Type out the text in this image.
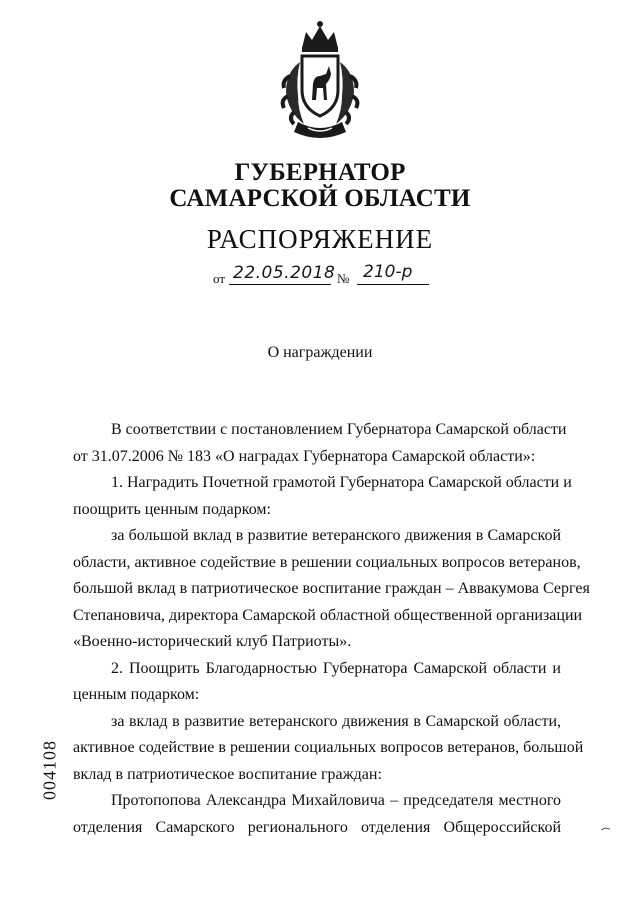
ГУБЕРНАТОР
САМАРСКОЙ ОБЛАСТИ
РАСПОРЯЖЕНИЕ
от 22.05.2018 № 210-р
О награждении
В соответствии с постановлением Губернатора Самарской области
от 31.07.2006 № 183 «О наградах Губернатора Самарской области»:
1. Наградить Почетной грамотой Губернатора Самарской области и
поощрить ценным подарком:
за большой вклад в развитие ветеранского движения в Самарской
области, активное содействие в решении социальных вопросов ветеранов,
большой вклад в патриотическое воспитание граждан – Аввакумова Сергея
Степановича, директора Самарской областной общественной организации
«Военно-исторический клуб Патриоты».
2. Поощрить Благодарностью Губернатора Самарской области и
ценным подарком:
за вклад в развитие ветеранского движения в Самарской области,
активное содействие в решении социальных вопросов ветеранов, большой
вклад в патриотическое воспитание граждан:
Протопопова Александра Михайловича – председателя местного
отделения Самарского регионального отделения Общероссийской
004108
